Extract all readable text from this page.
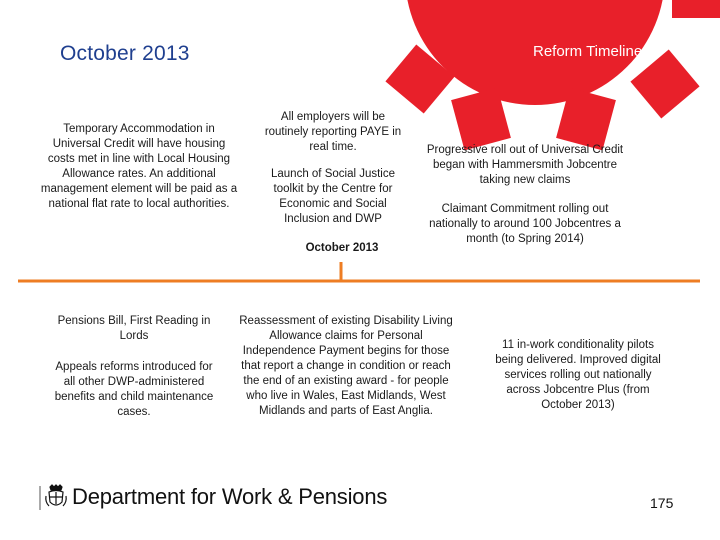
October 2013	Reform Timeline

Temporary Accommodation in Universal Credit will have housing costs met in line with Local Housing Allowance rates. An additional management element will be paid as a national flat rate to local authorities.

All employers will be routinely reporting PAYE in real time.

Launch of Social Justice toolkit by the Centre for Economic and Social Inclusion and DWP

Progressive roll out of Universal Credit began with Hammersmith Jobcentre taking new claims

Claimant Commitment rolling out nationally to around 100 Jobcentres a month (to Spring 2014)

October 2013

Pensions Bill, First Reading in Lords

Appeals reforms introduced for all other DWP-administered benefits and child maintenance cases.

Reassessment of existing Disability Living Allowance claims for Personal Independence Payment begins for those that report a change in condition or reach the end of an existing award - for people who live in Wales, East Midlands, West Midlands and parts of East Anglia.

11 in-work conditionality pilots being delivered. Improved digital services rolling out nationally across Jobcentre Plus (from October 2013)

Department for Work & Pensions	175
